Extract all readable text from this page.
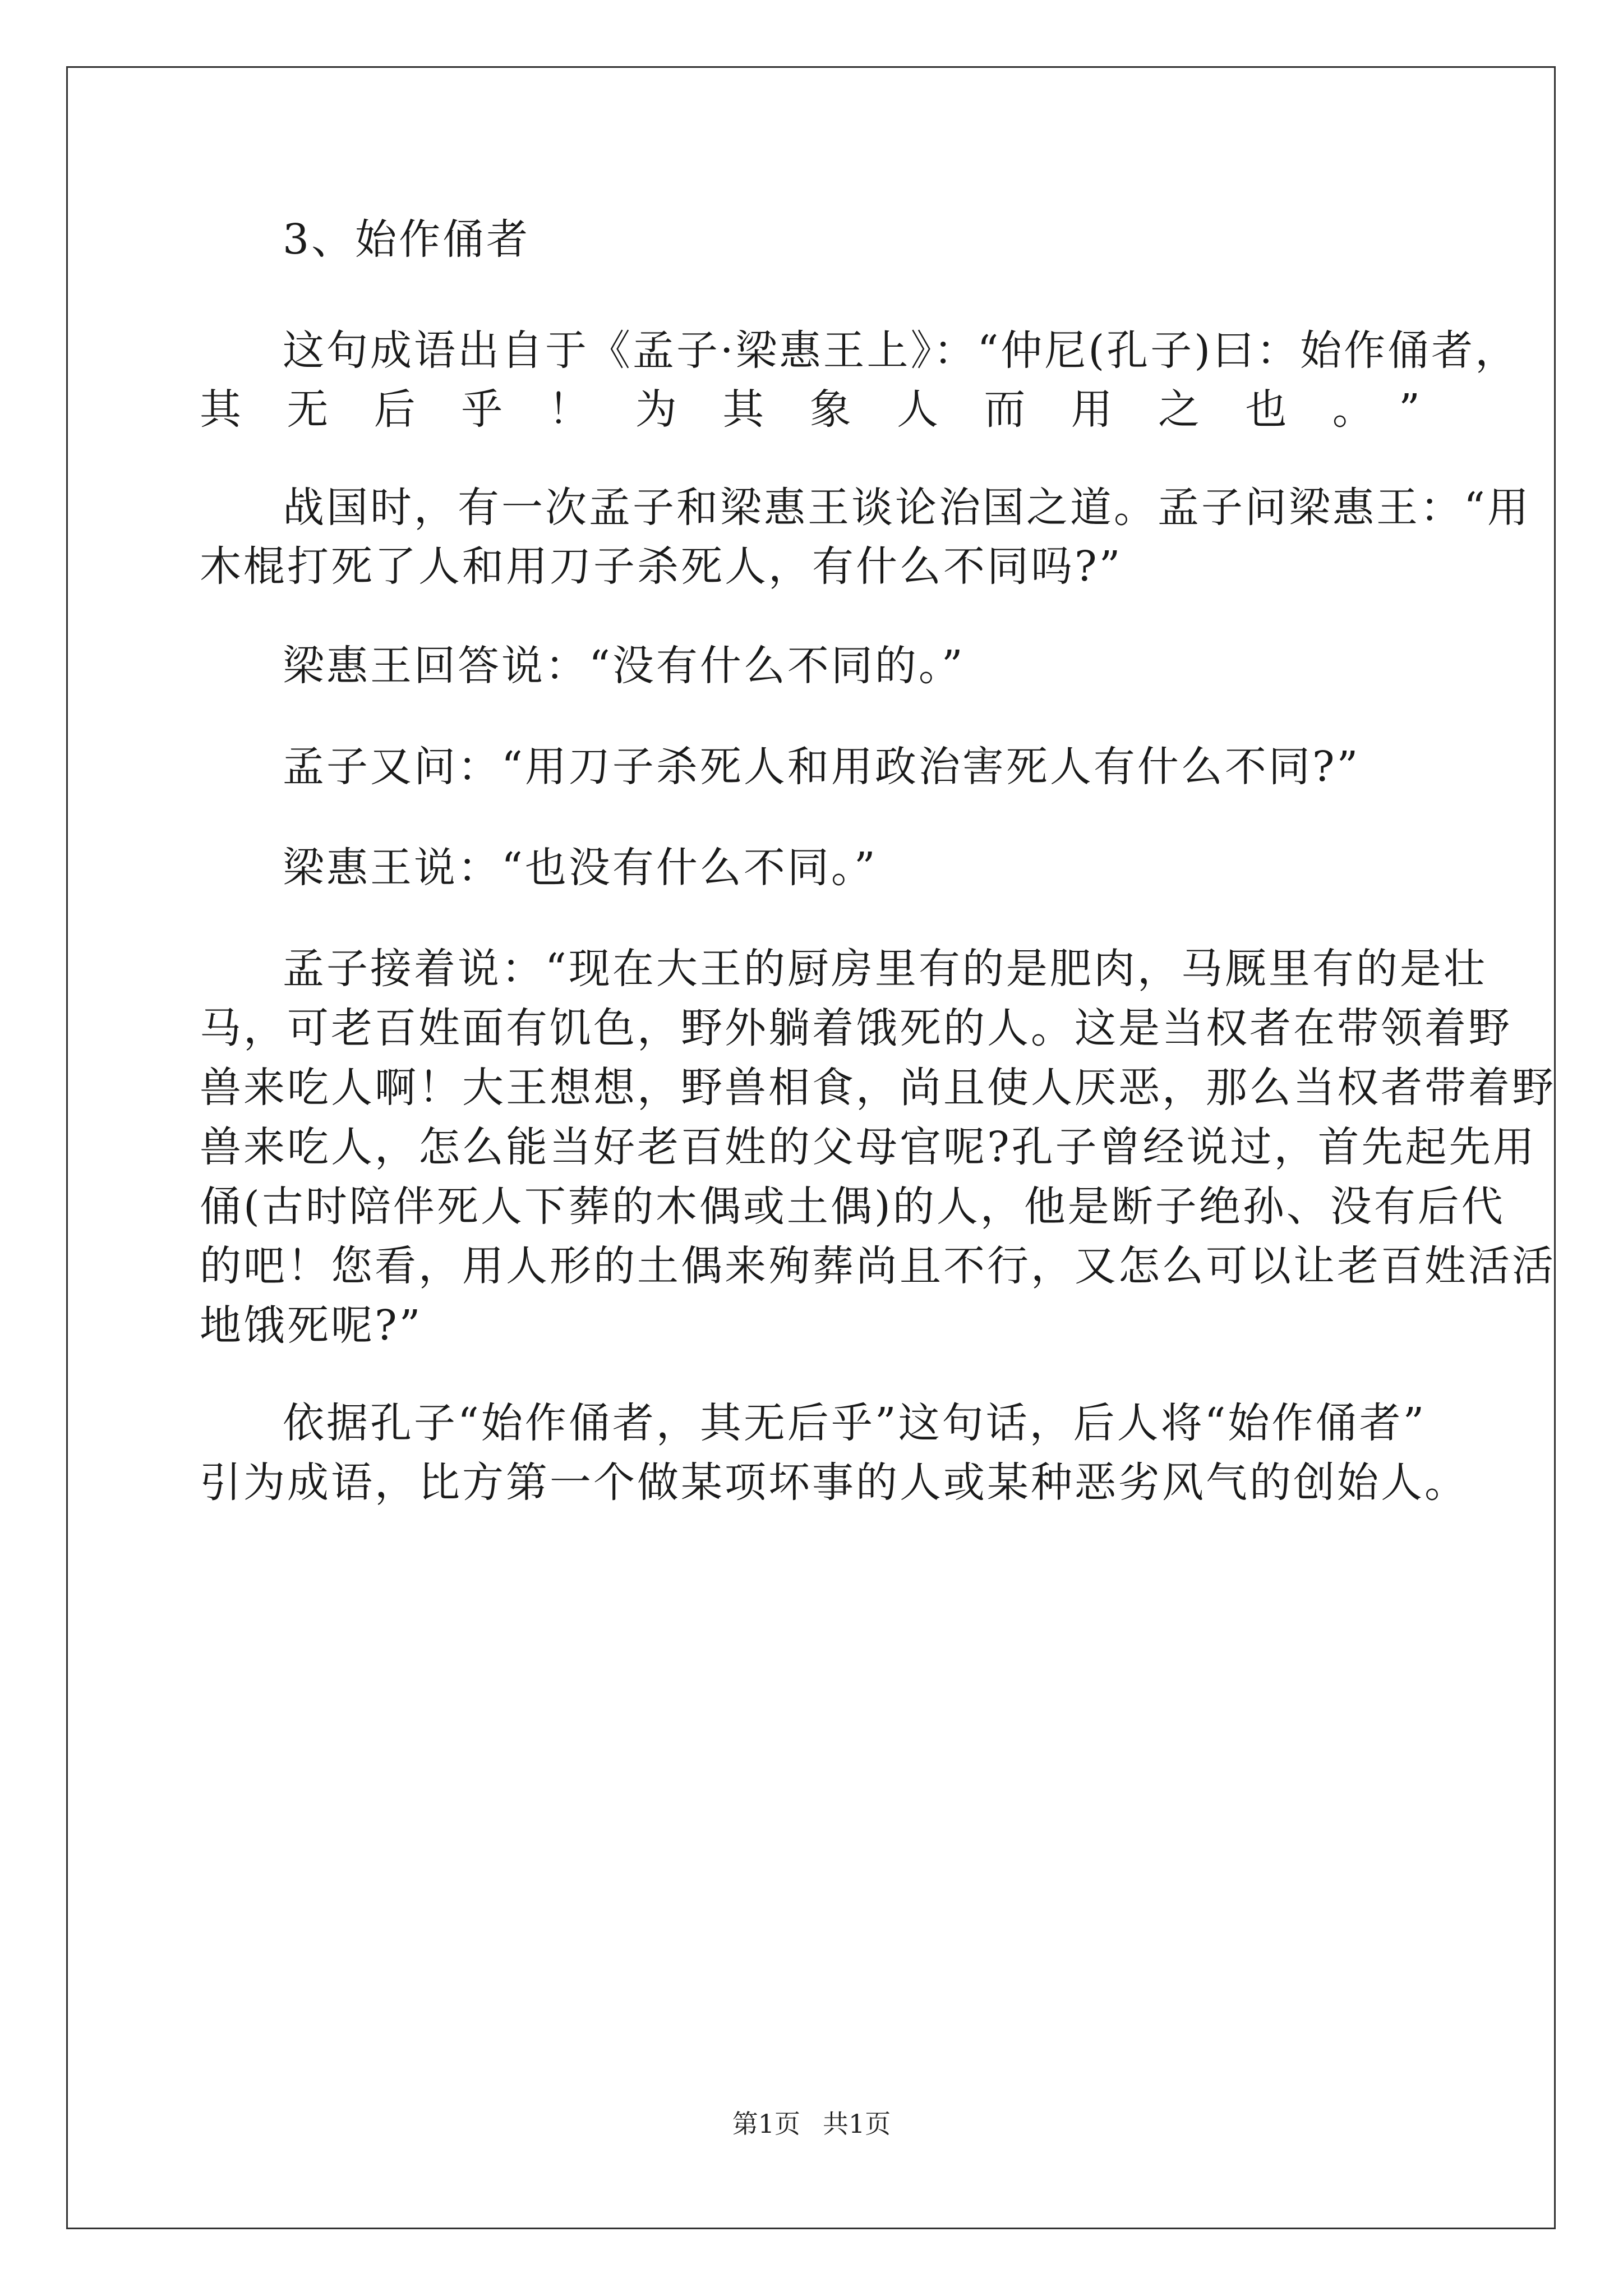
3、始作俑者
这句成语出自于《孟子·梁惠王上》：“仲尼(孔子)曰：始作俑者，
其无后乎！为其象人而用之也。”
战国时，有一次孟子和梁惠王谈论治国之道。孟子问梁惠王：“用
木棍打死了人和用刀子杀死人，有什么不同吗?”
梁惠王回答说：“没有什么不同的。”
孟子又问：“用刀子杀死人和用政治害死人有什么不同?”
梁惠王说：“也没有什么不同。”
孟子接着说：“现在大王的厨房里有的是肥肉，马厩里有的是壮
马，可老百姓面有饥色，野外躺着饿死的人。这是当权者在带领着野
兽来吃人啊！大王想想，野兽相食，尚且使人厌恶，那么当权者带着野
兽来吃人，怎么能当好老百姓的父母官呢?孔子曾经说过，首先起先用
俑(古时陪伴死人下葬的木偶或土偶)的人，他是断子绝孙、没有后代
的吧！您看，用人形的土偶来殉葬尚且不行，又怎么可以让老百姓活活
地饿死呢?”
依据孔子“始作俑者，其无后乎”这句话，后人将“始作俑者”
引为成语，比方第一个做某项坏事的人或某种恶劣风气的创始人。
第1页 共1页
